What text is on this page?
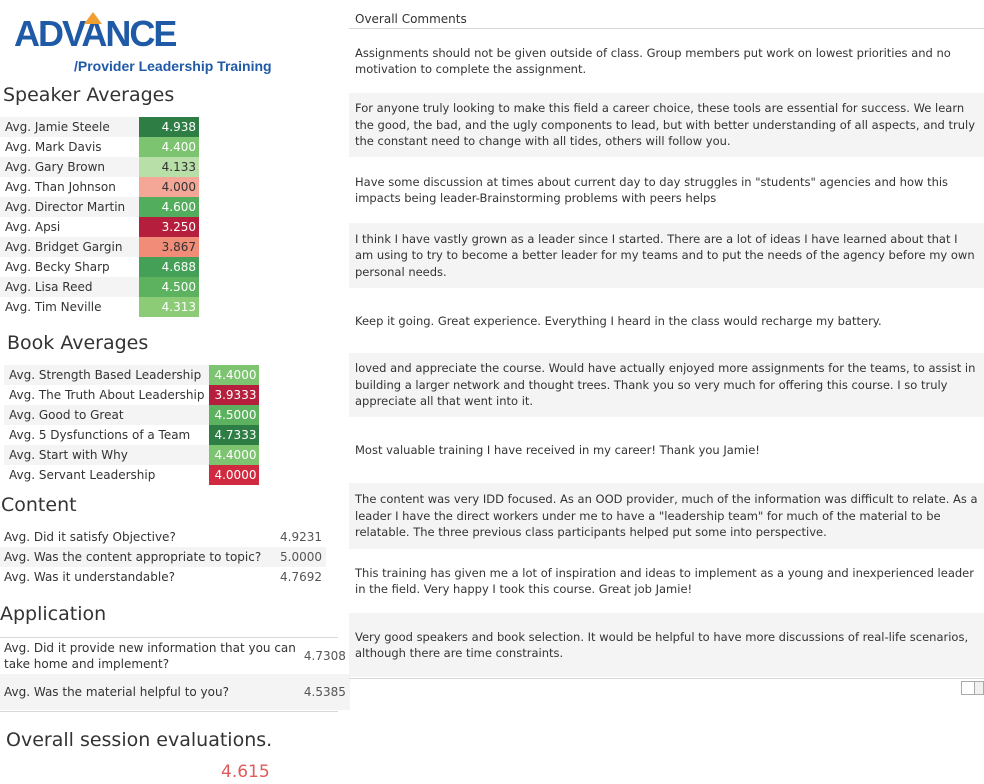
ADVANCE
/Provider Leadership Training
Speaker Averages
Avg. Jamie Steele	4.938
Avg. Mark Davis	4.400
Avg. Gary Brown	4.133
Avg. Than Johnson	4.000
Avg. Director Martin	4.600
Avg. Apsi	3.250
Avg. Bridget Gargin	3.867
Avg. Becky Sharp	4.688
Avg. Lisa Reed	4.500
Avg. Tim Neville	4.313
Book Averages
Avg. Strength Based Leadership	4.4000
Avg. The Truth About Leadership	3.9333
Avg. Good to Great	4.5000
Avg. 5 Dysfunctions of a Team	4.7333
Avg. Start with Why	4.4000
Avg. Servant Leadership	4.0000
Content
Avg. Did it satisfy Objective?	4.9231
Avg. Was the content appropriate to topic?	5.0000
Avg. Was it understandable?	4.7692
Application
Avg. Did it provide new information that you can
take home and implement?	4.7308
Avg. Was the material helpful to you?	4.5385
Overall session evaluations.
4.615
Overall Comments
Assignments should not be given outside of class. Group members put work on lowest priorities and no motivation to complete the assignment.
For anyone truly looking to make this field a career choice, these tools are essential for success. We learn the good, the bad, and the ugly components to lead, but with better understanding of all aspects, and truly the constant need to change with all tides, others will follow you.
Have some discussion at times about current day to day struggles in "students" agencies and how this impacts being leader-Brainstorming problems with peers helps
I think I have vastly grown as a leader since I started. There are a lot of ideas I have learned about that I am using to try to become a better leader for my teams and to put the needs of the agency before my own personal needs.
Keep it going. Great experience. Everything I heard in the class would recharge my battery.
loved and appreciate the course. Would have actually enjoyed more assignments for the teams, to assist in building a larger network and thought trees. Thank you so very much for offering this course. I so truly appreciate all that went into it.
Most valuable training I have received in my career! Thank you Jamie!
The content was very IDD focused. As an OOD provider, much of the information was difficult to relate. As a leader I have the direct workers under me to have a "leadership team" for much of the material to be relatable. The three previous class participants helped put some into perspective.
This training has given me a lot of inspiration and ideas to implement as a young and inexperienced leader in the field. Very happy I took this course. Great job Jamie!
Very good speakers and book selection. It would be helpful to have more discussions of real-life scenarios, although there are time constraints.
